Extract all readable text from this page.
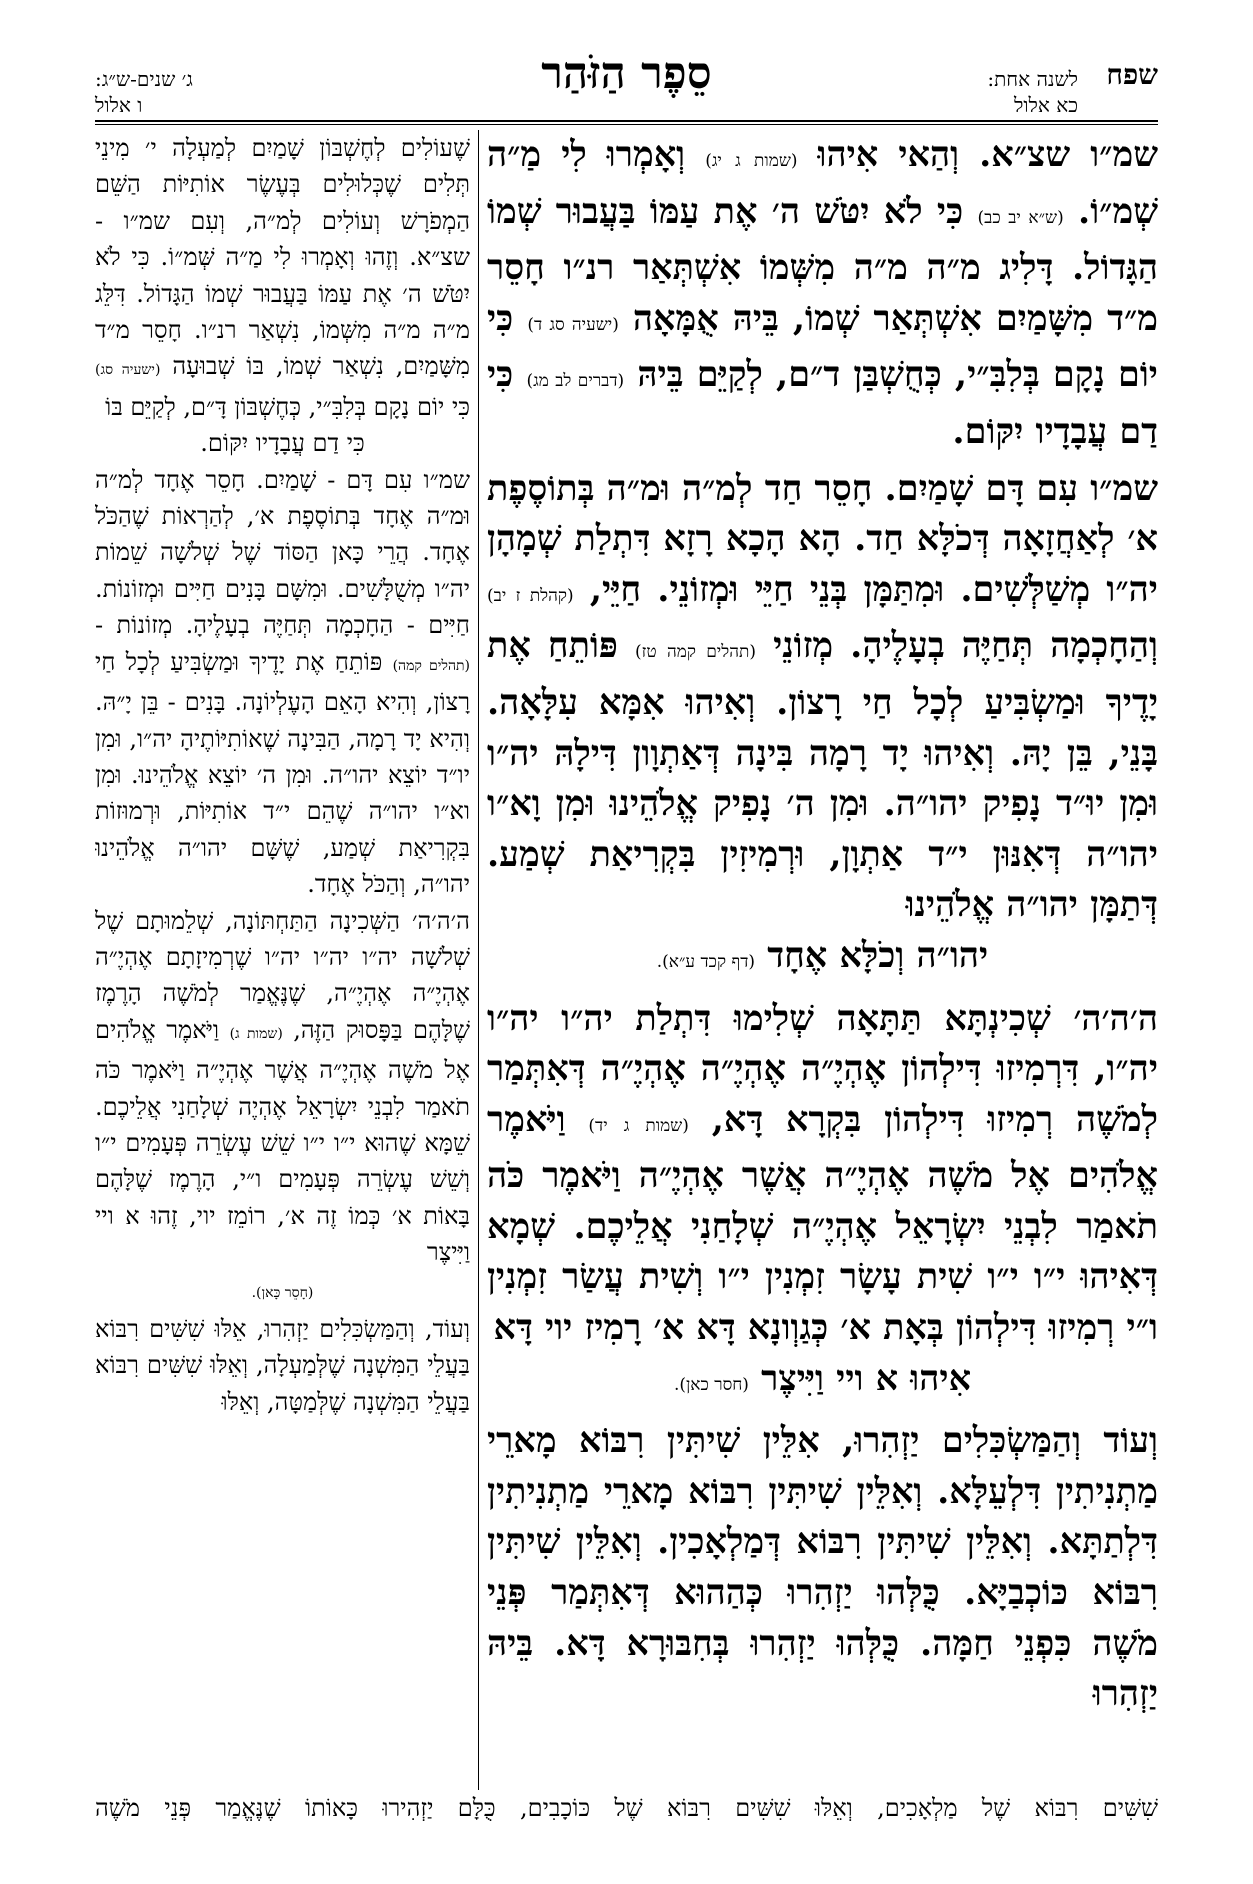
שפח
לשנה אחת:
כא אלול
סֵפֶר הַזֹּהַר
ג׳ שנים-ש״ג:
ו אלול

שמ״ו שצ״א. וְהַאי אִיהוּ (שמות ג יג) וְאָמְרוּ לִי מַ״ה שְׁמ״וֹ. (ש״א יב כב) כִּי לֹא יִטֹּשׁ ה׳ אֶת עַמּוֹ בַּעֲבוּר שְׁמוֹ הַגָּדוֹל. דָּלִיג מ״ה מ״ה מִשְּׁמוֹ אִשְׁתְּאַר רנ״ו חָסֵר מ״ד מִשָּׁמַיִם אִשְׁתְּאַר שְׁמוֹ, בֵּיהּ אֻמָּאָה (ישעיה סג ד) כִּי יוֹם נָקָם בְּלִבִּ״י, כְּחֻשְׁבַּן ד״ם, לְקַיֵּם בֵּיהּ (דברים לב מג) כִּי דַם עֲבָדָיו יִקּוֹם.

שמ״ו עִם דָּם שָׁמַיִם. חָסֵר חַד לְמ״ה וּמ״ה בְּתוֹסֶפֶת א׳ לְאַחֲזָאָה דְּכֹלָּא חַד. הָא הָכָא רָזָא דִּתְלַת שְׁמָהָן יה״ו מְשַׁלְּשִׁים. וּמִתַּמָּן בְּנֵי חַיֵּי וּמְזוֹנֵי. חַיֵּי, (קהלת ז יב) וְהַחָכְמָה תְּחַיֶּה בְעָלֶיהָ. מְזוֹנֵי (תהלים קמה טז) פּוֹתֵחַ אֶת יָדֶיךָ וּמַשְׂבִּיעַ לְכָל חַי רָצוֹן. וְאִיהוּ אִמָּא עִלָּאָה. בָּנֵי, בֵּן יָהּ. וְאִיהוּ יָד רָמָה בִּינָה דְּאַתְוָון דִּילָהּ יה״ו וּמִן יוּ״ד נָפִיק יהו״ה. וּמִן ה׳ נָפִיק אֱלֹהֵינוּ וּמִן וָא״ו יהו״ה דְּאִנּוּן י״ד אַתְוָן, וּרְמִיזִין בִּקְרִיאַת שְׁמַע. דְּתַמָּן יהו״ה אֱלֹהֵינוּ

יהו״ה וְכֹלָּא אֶחָד (דף קכד ע״א).

ה׳ה׳ה׳ שְׁכִינְתָּא תַּתָּאָה שְׁלִימוּ דִּתְלַת יה״ו יה״ו יה״ו, דִּרְמִיזוּ דִּילְהוֹן אֶהְיֶ״ה אֶהְיֶ״ה אֶהְיֶ״ה דְּאִתְּמַר לְמֹשֶׁה רְמִיזוּ דִּילְהוֹן בִּקְרָא דָּא, (שמות ג יד) וַיֹּאמֶר אֱלֹהִים אֶל מֹשֶׁה אֶהְיֶ״ה אֲשֶׁר אֶהְיֶ״ה וַיֹּאמֶר כֹּה תֹאמַר לִבְנֵי יִשְׂרָאֵל אֶהְיֶ״ה שְׁלָחַנִי אֲלֵיכֶם. שְׁמָא דְּאִיהוּ י״ו י״ו שִׁית עָשָׂר זִמְנִין י״ו וְשִׁית עֲשַׂר זִמְנִין ו״י רְמִיזוּ דִּילְהוֹן בְּאָת א׳ כְּגַוְונָא דָּא א׳ רָמִיז יוי דָּא

אִיהוּ א ויי וַיִּיצֶר (חסר כאן).

וְעוֹד וְהַמַּשְׂכִּלִים יַזְהִרוּ, אִלֵּין שִׁיתִּין רִבּוֹא מָארֵי מַתְנִיתִין דִּלְעֵלָּא. וְאִלֵּין שִׁיתִּין רִבּוֹא מָארֵי מַתְנִיתִין דִּלְתַתָּא. וְאִלֵּין שִׁיתִּין רִבּוֹא דְּמַלְאָכִין. וְאִלֵּין שִׁיתִּין רִבּוֹא כּוֹכְבַיָּא. כֻּלְּהוּ יַזְהִרוּ כְּהַהוּא דְּאִתְּמַר פְּנֵי מֹשֶׁה כִּפְנֵי חַמָּה. כֻּלְּהוּ יַזְהִרוּ בְּחִבּוּרָא דָּא. בֵּיהּ יַזְהִרוּ

שֶׁעוֹלִים לְחֶשְׁבּוֹן שָׁמַיִם לְמַעְלָה י׳ מִינֵי תְּלִים שֶׁכְּלוּלִים בְּעֶשֶׂר אוֹתִיּוֹת הַשֵּׁם הַמְפֹרָשׁ וְעוֹלִים לְמ״ה, וְעִם שמ״ו - שצ״א. וְזֶהוּ וְאָמְרוּ לִי מַ״ה שְּׁמ״וֹ. כִּי לֹא יִטֹּשׁ ה׳ אֶת עַמּוֹ בַּעֲבוּר שְׁמוֹ הַגָּדוֹל. דִּלֵּג מ״ה מ״ה מִשְּׁמוֹ, נִשְׁאַר רנ״ו. חָסֵר מ״ד מִשָּׁמַיִם, נִשְׁאַר שְׁמוֹ, בּוֹ שְׁבוּעָה (ישעיה סג) כִּי יוֹם נָקָם בְּלִבִּ״י, כְּחֶשְׁבּוֹן דָּ״ם, לְקַיֵּם בּוֹ

כִּי דַם עֲבָדָיו יִקּוֹם.

שמ״ו עִם דָּם - שָׁמַיִם. חָסֵר אֶחָד לְמ״ה וּמ״ה אֶחָד בְּתוֹסֶפֶת א׳, לְהַרְאוֹת שֶׁהַכֹּל אֶחָד. הֲרֵי כָּאן הַסּוֹד שֶׁל שְׁלֹשָׁה שֵׁמוֹת יה״ו מְשֻׁלָּשִׁים. וּמִשָּׁם בָּנִים חַיִּים וּמְזוֹנוֹת. חַיִּים - הַחָכְמָה תְּחַיֶּה בְעָלֶיהָ. מְזוֹנוֹת - (תהלים קמה) פּוֹתֵחַ אֶת יָדֶיךָ וּמַשְׂבִּיעַ לְכָל חַי רָצוֹן, וְהִיא הָאֵם הָעֶלְיוֹנָה. בָּנִים - בֵּן יָ״הּ. וְהִיא יָד רָמָה, הַבִּינָה שֶׁאוֹתִיּוֹתֶיהָ יה״ו, וּמִן יו״ד יוֹצֵא יהו״ה. וּמִן ה׳ יוֹצֵא אֱלֹהֵינוּ. וּמִן וא״ו יהו״ה שֶׁהֵם י״ד אוֹתִיּוֹת, וּרְמוּזוֹת בִּקְרִיאַת שְׁמַע, שֶׁשָּׁם יהו״ה אֱלֹהֵינוּ יהו״ה, וְהַכֹּל אֶחָד.

ה׳ה׳ה׳ הַשְּׁכִינָה הַתַּחְתּוֹנָה, שְׁלֵמוּתָם שֶׁל שְׁלֹשָׁה יה״ו יה״ו יה״ו שֶׁרְמִיזָתָם אֶהְיֶ״ה אֶהְיֶ״ה אֶהְיֶ״ה, שֶׁנֶּאֱמַר לְמֹשֶׁה הָרֶמֶז שֶׁלָּהֶם בַּפָּסוּק הַזֶּה, (שמות ג) וַיֹּאמֶר אֱלֹהִים אֶל מֹשֶׁה אֶהְיֶ״ה אֲשֶׁר אֶהְיֶ״ה וַיֹּאמֶר כֹּה תֹאמַר לִבְנֵי יִשְׂרָאֵל אֶהְיֶה שְׁלָחַנִי אֲלֵיכֶם. שֵׁמָּא שֶׁהוּא י״ו י״ו שֵׁשׁ עֶשְׂרֵה פְּעָמִים י״ו וְשֵׁשׁ עֶשְׂרֵה פְּעָמִים ו״י, הָרֶמֶז שֶׁלָּהֶם בָּאוֹת א׳ כְּמוֹ זֶה א׳, רוֹמֵז יוי, זֶהוּ א ויי וַיִּיצֶר

(חָסֵר כָּאן).

וְעוֹד, וְהַמַּשְׂכִּלִים יַזְהִרוּ, אֵלּוּ שִׁשִּׁים רִבּוֹא בַּעֲלֵי הַמִּשְׁנָה שֶׁלְּמַעְלָה, וְאֵלּוּ שִׁשִּׁים רִבּוֹא בַּעֲלֵי הַמִּשְׁנָה שֶׁלְּמַטָּה, וְאֵלּוּ

שִׁשִּׁים רִבּוֹא שֶׁל מַלְאָכִים, וְאֵלּוּ שִׁשִּׁים רִבּוֹא שֶׁל כּוֹכָבִים, כֻּלָּם יַזְהִירוּ כָּאוֹתוֹ שֶׁנֶּאֱמַר פְּנֵי מֹשֶׁה
